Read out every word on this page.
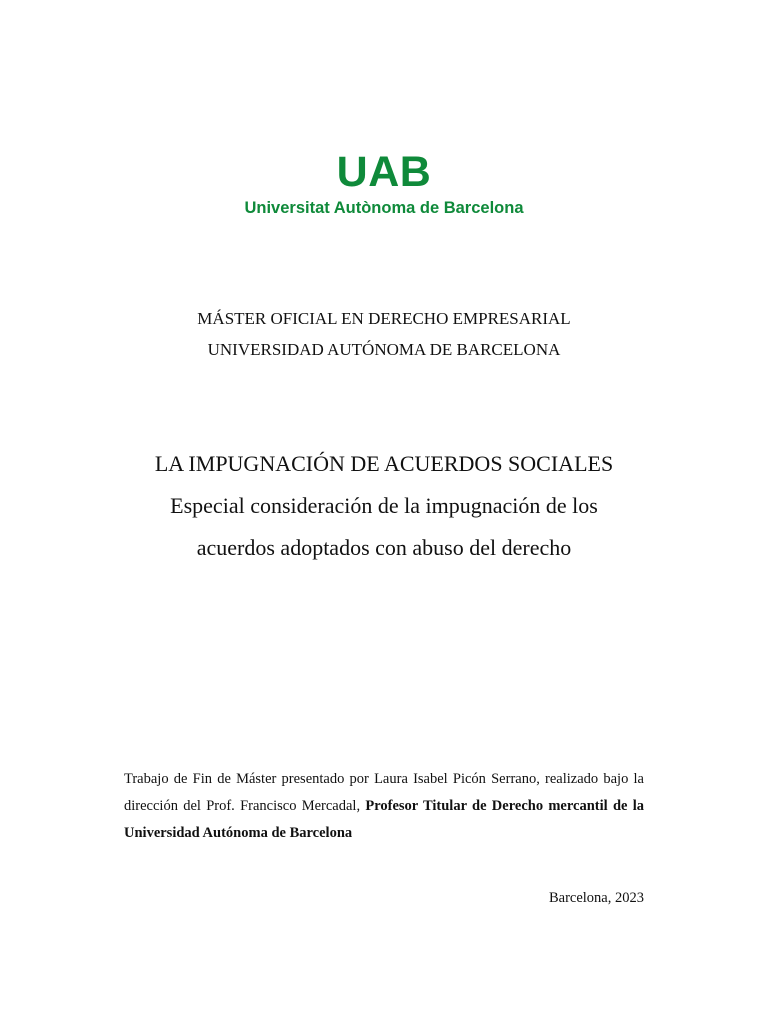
UAB
Universitat Autònoma de Barcelona
MÁSTER OFICIAL EN DERECHO EMPRESARIAL
UNIVERSIDAD AUTÓNOMA DE BARCELONA
LA IMPUGNACIÓN DE ACUERDOS SOCIALES
Especial consideración de la impugnación de los
acuerdos adoptados con abuso del derecho

Trabajo de Fin de Máster presentado por Laura Isabel Picón Serrano, realizado bajo la dirección del Prof. Francisco Mercadal, Profesor Titular de Derecho mercantil de la Universidad Autónoma de Barcelona

Barcelona, 2023
